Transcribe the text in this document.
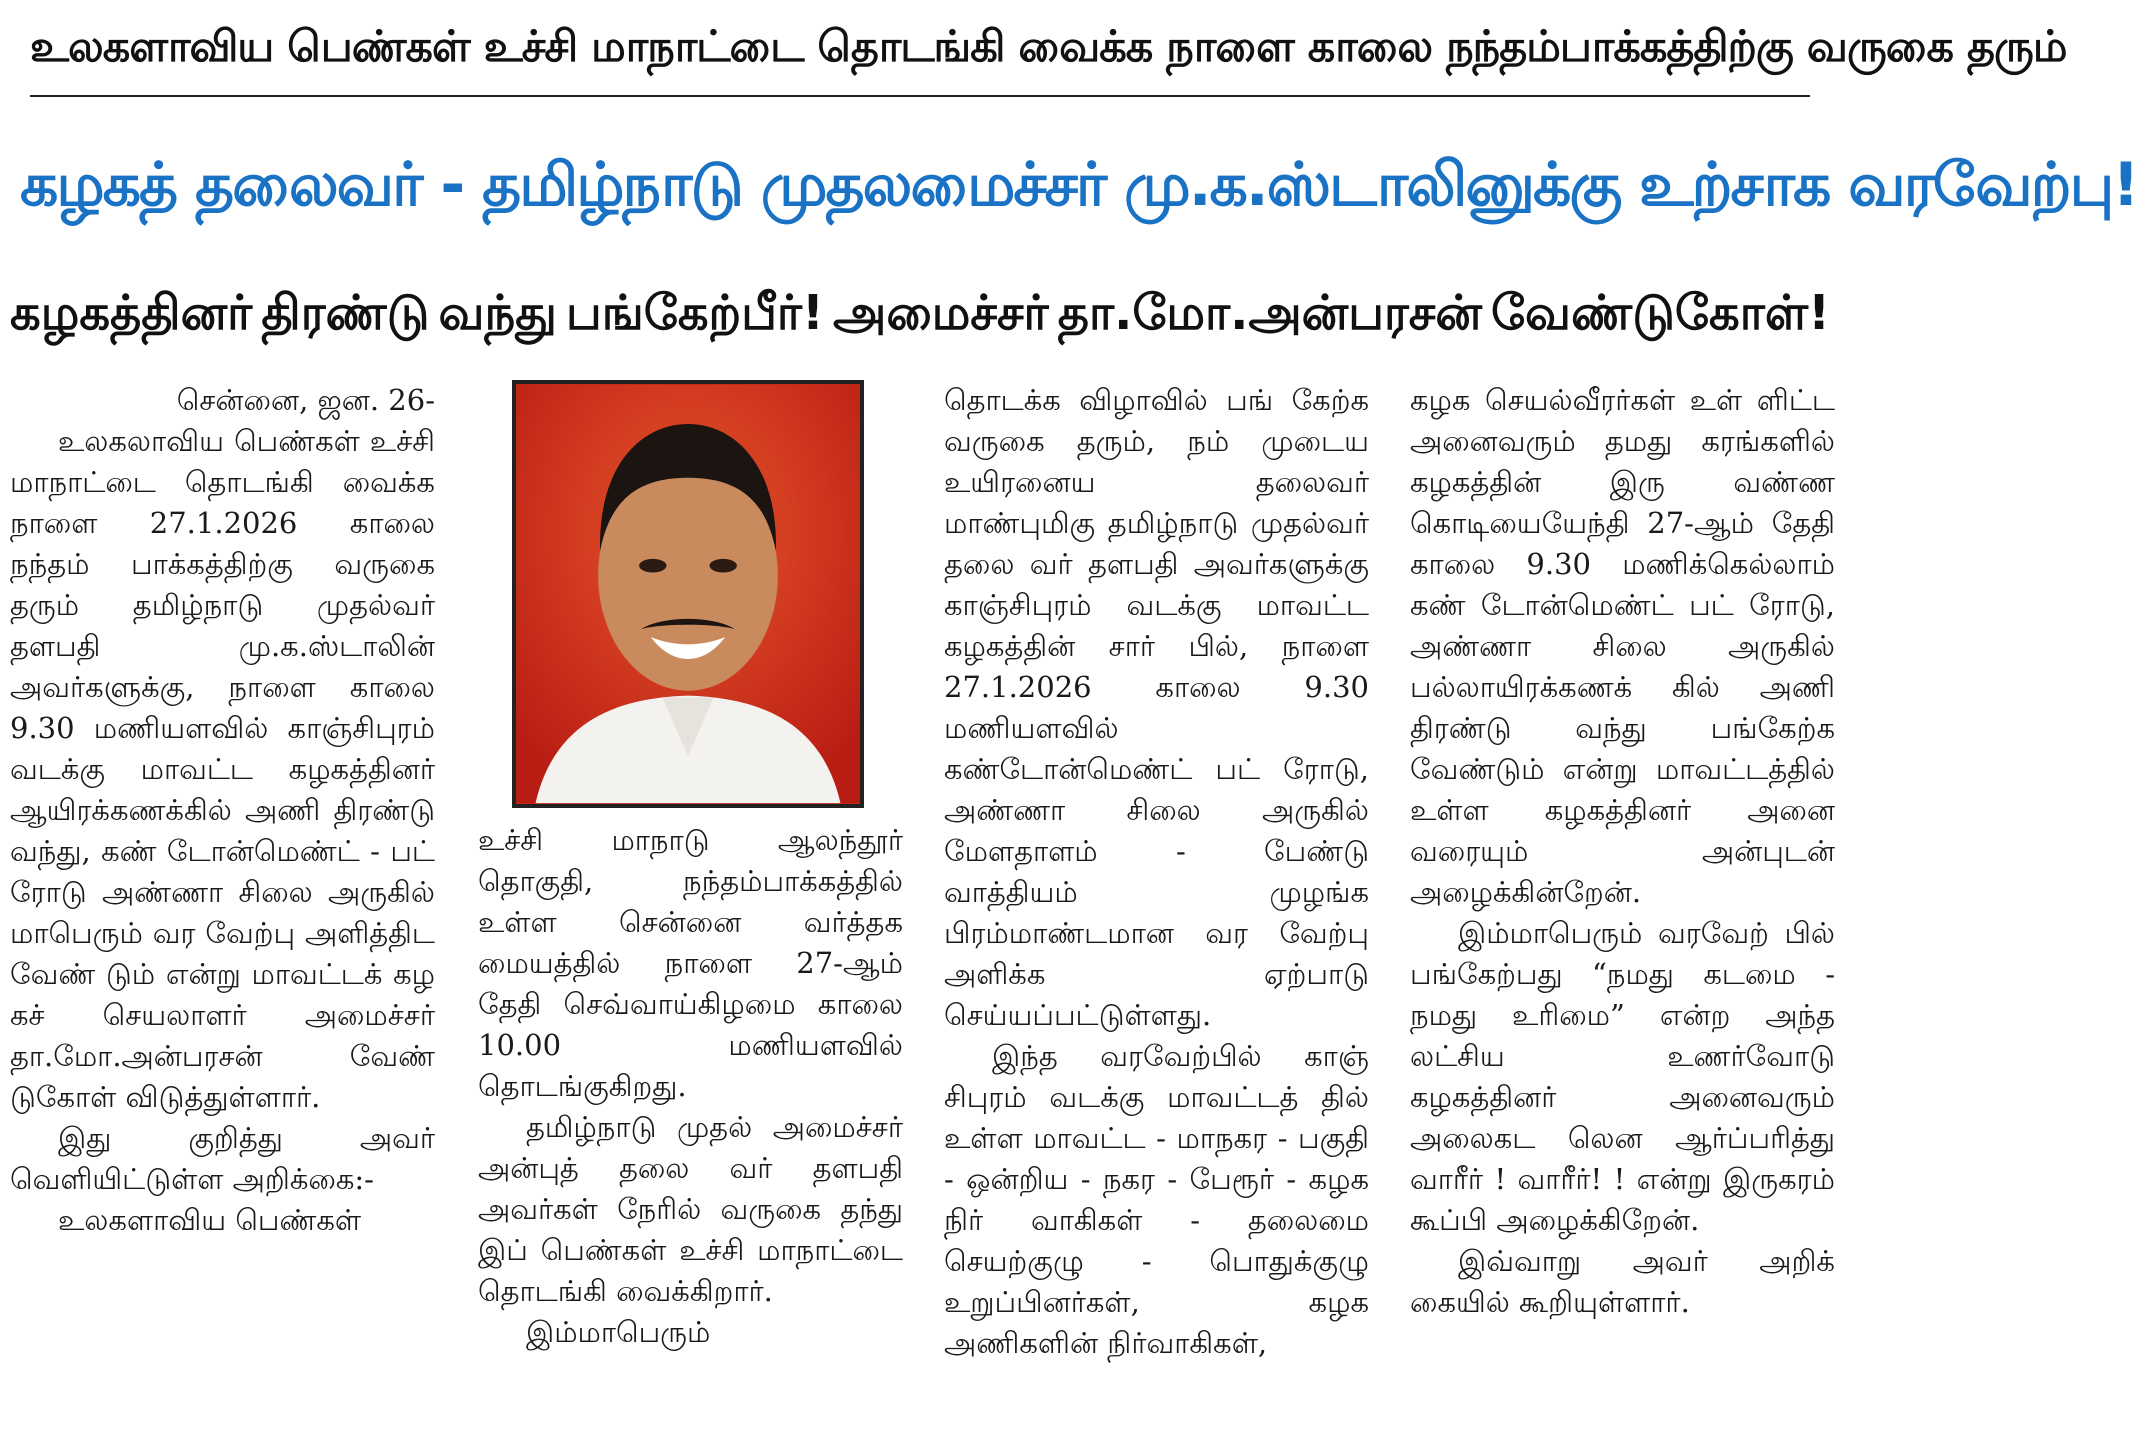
உலகளாவிய பெண்கள் உச்சி மாநாட்டை தொடங்கி வைக்க நாளை காலை நந்தம்பாக்கத்திற்கு வருகை தரும்
கழகத் தலைவர் - தமிழ்நாடு முதலமைச்சர் மு.க.ஸ்டாலினுக்கு உற்சாக வரவேற்பு!
கழகத்தினர் திரண்டு வந்து பங்கேற்பீர்! அமைச்சர் தா.மோ.அன்பரசன் வேண்டுகோள்!

சென்னை, ஜன. 26-

உலகலாவிய பெண்கள் உச்சி மாநாட்டை தொடங்கி வைக்க நாளை 27.1.2026 காலை நந்தம் பாக்கத்திற்கு வருகை தரும் தமிழ்நாடு முதல்வர் தளபதி மு.க.ஸ்டாலின் அவர்களுக்கு, நாளை காலை 9.30 மணியளவில் காஞ்சிபுரம் வடக்கு மாவட்ட கழகத்தினர் ஆயிரக்கணக்கில் அணி திரண்டு வந்து, கண் டோன்மெண்ட் - பட் ரோடு அண்ணா சிலை அருகில் மாபெரும் வர வேற்பு அளித்திட வேண் டும் என்று மாவட்டக் கழ கச் செயலாளர் அமைச்சர் தா.மோ.அன்பரசன் வேண் டுகோள் விடுத்துள்ளார்.

இது குறித்து அவர் வெளியிட்டுள்ள அறிக்கை:-

உலகளாவிய பெண்கள்

உச்சி மாநாடு ஆலந்தூர் தொகுதி, நந்தம்பாக்கத்தில் உள்ள சென்னை வர்த்தக மையத்தில் நாளை 27-ஆம் தேதி செவ்வாய்கிழமை காலை 10.00 மணியளவில் தொடங்குகிறது.

தமிழ்நாடு முதல் அமைச்சர் அன்புத் தலை வர் தளபதி அவர்கள் நேரில் வருகை தந்து இப் பெண்கள் உச்சி மாநாட்டை தொடங்கி வைக்கிறார்.

இம்மாபெரும்

தொடக்க விழாவில் பங் கேற்க வருகை தரும், நம் முடைய உயிரனைய தலைவர் மாண்புமிகு தமிழ்நாடு முதல்வர் தலை வர் தளபதி அவர்களுக்கு காஞ்சிபுரம் வடக்கு மாவட்ட கழகத்தின் சார் பில், நாளை 27.1.2026 காலை 9.30 மணியளவில் கண்டோன்மெண்ட் பட் ரோடு, அண்ணா சிலை அருகில் மேளதாளம் - பேண்டு வாத்தியம் முழங்க பிரம்மாண்டமான வர வேற்பு அளிக்க ஏற்பாடு செய்யப்பட்டுள்ளது.

இந்த வரவேற்பில் காஞ் சிபுரம் வடக்கு மாவட்டத் தில் உள்ள மாவட்ட - மாநகர - பகுதி - ஒன்றிய - நகர - பேரூர் - கழக நிர் வாகிகள் - தலைமை செயற்குழு - பொதுக்குழு உறுப்பினர்கள், கழக அணிகளின் நிர்வாகிகள்,

கழக செயல்வீரர்கள் உள் ளிட்ட அனைவரும் தமது கரங்களில் கழகத்தின் இரு வண்ண கொடியையேந்தி 27-ஆம் தேதி காலை 9.30 மணிக்கெல்லாம் கண் டோன்மெண்ட் பட் ரோடு, அண்ணா சிலை அருகில் பல்லாயிரக்கணக் கில் அணி திரண்டு வந்து பங்கேற்க வேண்டும் என்று மாவட்டத்தில் உள்ள கழகத்தினர் அனை வரையும் அன்புடன் அழைக்கின்றேன்.

இம்மாபெரும் வரவேற் பில் பங்கேற்பது “நமது கடமை - நமது உரிமை” என்ற அந்த லட்சிய உணர்வோடு கழகத்தினர் அனைவரும் அலைகட லென ஆர்ப்பரித்து வாரீர் ! வாரீர்! ! என்று இருகரம் கூப்பி அழைக்கிறேன்.

இவ்வாறு அவர் அறிக் கையில் கூறியுள்ளார்.
